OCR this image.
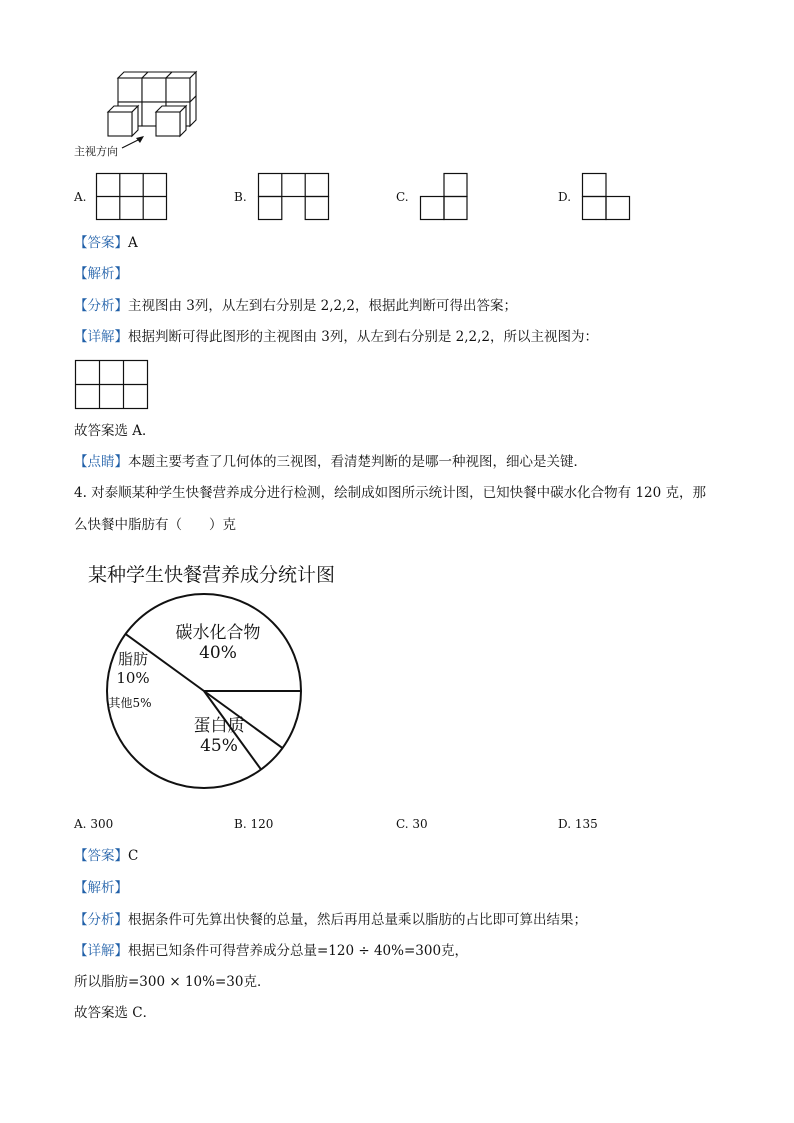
主视方向
A.	B.	C.	D.
【答案】A
【解析】
【分析】主视图由 3列，从左到右分别是 2,2,2，根据此判断可得出答案；
【详解】根据判断可得此图形的主视图由 3列，从左到右分别是 2,2,2，所以主视图为：
故答案选 A．
【点睛】本题主要考查了几何体的三视图，看清楚判断的是哪一种视图，细心是关键．
4. 对泰顺某种学生快餐营养成分进行检测，绘制成如图所示统计图，已知快餐中碳水化合物有 120 克，那
么快餐中脂肪有（　　）克
某种学生快餐营养成分统计图
碳水化合物
40%
蛋白质
45%
其他5%
脂肪
10%
A. 300	B. 120	C. 30	D. 135
【答案】C
【解析】
【分析】根据条件可先算出快餐的总量，然后再用总量乘以脂肪的占比即可算出结果；
【详解】根据已知条件可得营养成分总量=120 ÷ 40%=300克，
所以脂肪=300 × 10%=30克．
故答案选 C．
